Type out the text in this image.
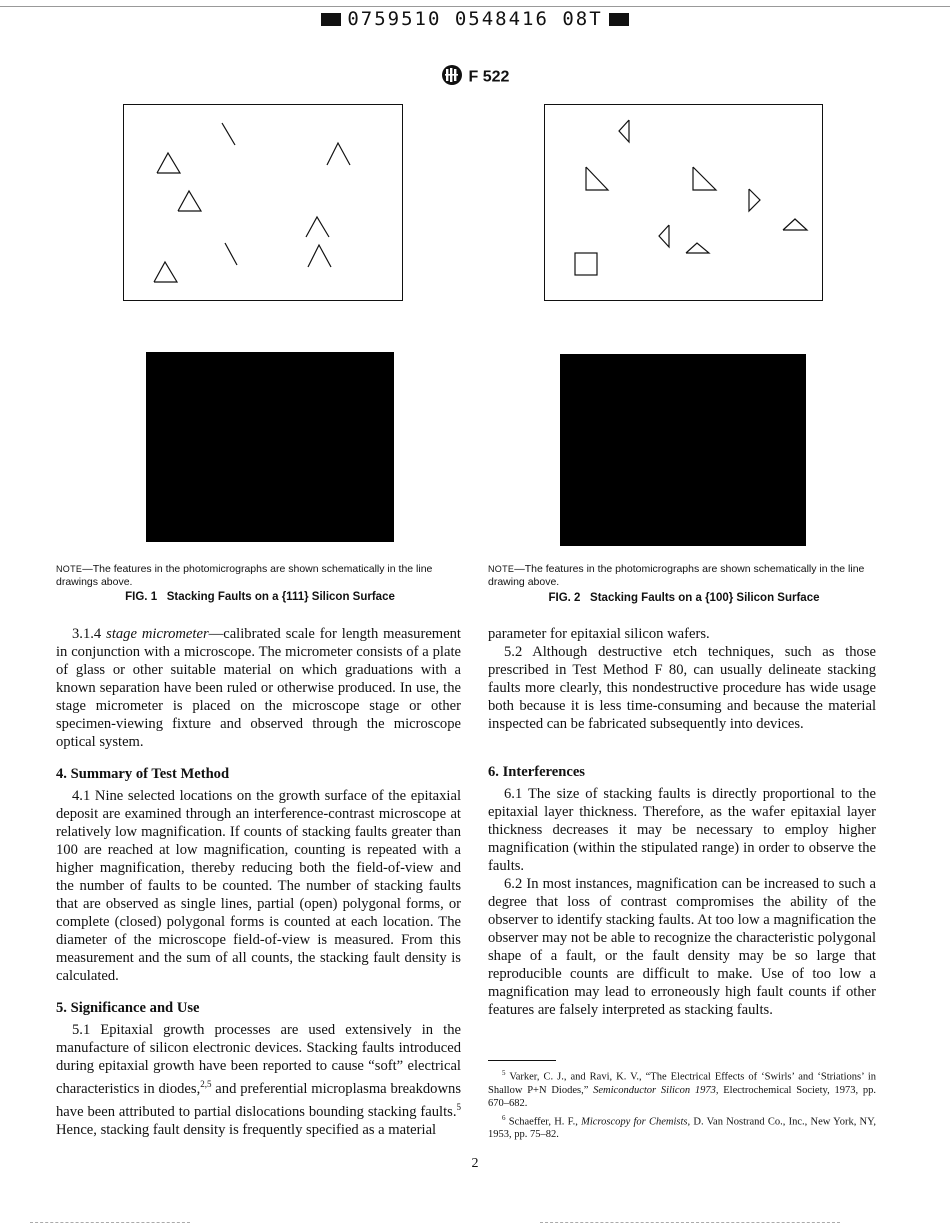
0759510 0548416 08T
F 522
NOTE—The features in the photomicrographs are shown schematically in the line drawings above.
FIG. 1 Stacking Faults on a {111} Silicon Surface
NOTE—The features in the photomicrographs are shown schematically in the line drawing above.
FIG. 2 Stacking Faults on a {100} Silicon Surface

3.1.4 stage micrometer—calibrated scale for length measurement in conjunction with a microscope. The micrometer consists of a plate of glass or other suitable material on which graduations with a known separation have been ruled or otherwise produced. In use, the stage micrometer is placed on the microscope stage or other specimen-viewing fixture and observed through the microscope optical system.

4. Summary of Test Method

4.1 Nine selected locations on the growth surface of the epitaxial deposit are examined through an interference-contrast microscope at relatively low magnification. If counts of stacking faults greater than 100 are reached at low magnification, counting is repeated with a higher magnification, thereby reducing both the field-of-view and the number of faults to be counted. The number of stacking faults that are observed as single lines, partial (open) polygonal forms, or complete (closed) polygonal forms is counted at each location. The diameter of the microscope field-of-view is measured. From this measurement and the sum of all counts, the stacking fault density is calculated.

5. Significance and Use

5.1 Epitaxial growth processes are used extensively in the manufacture of silicon electronic devices. Stacking faults introduced during epitaxial growth have been reported to cause “soft” electrical characteristics in diodes,$^{2,5}$ and preferential microplasma breakdowns have been attributed to partial dislocations bounding stacking faults.$^5$ Hence, stacking fault density is frequently specified as a material

parameter for epitaxial silicon wafers.

5.2 Although destructive etch techniques, such as those prescribed in Test Method F 80, can usually delineate stacking faults more clearly, this nondestructive procedure has wide usage both because it is less time-consuming and because the material inspected can be fabricated subsequently into devices.

6. Interferences

6.1 The size of stacking faults is directly proportional to the epitaxial layer thickness. Therefore, as the wafer epitaxial layer thickness decreases it may be necessary to employ higher magnification (within the stipulated range) in order to observe the faults.

6.2 In most instances, magnification can be increased to such a degree that loss of contrast compromises the ability of the observer to identify stacking faults. At too low a magnification the observer may not be able to recognize the characteristic polygonal shape of a fault, or the fault density may be so large that reproducible counts are difficult to make. Use of too low a magnification may lead to erroneously high fault counts if other features are falsely interpreted as stacking faults.

$^5$ Varker, C. J., and Ravi, K. V., “The Electrical Effects of ‘Swirls’ and ‘Striations’ in Shallow P+N Diodes,” Semiconductor Silicon 1973, Electrochemical Society, 1973, pp. 670–682.

$^6$ Schaeffer, H. F., Microscopy for Chemists, D. Van Nostrand Co., Inc., New York, NY, 1953, pp. 75–82.

2
